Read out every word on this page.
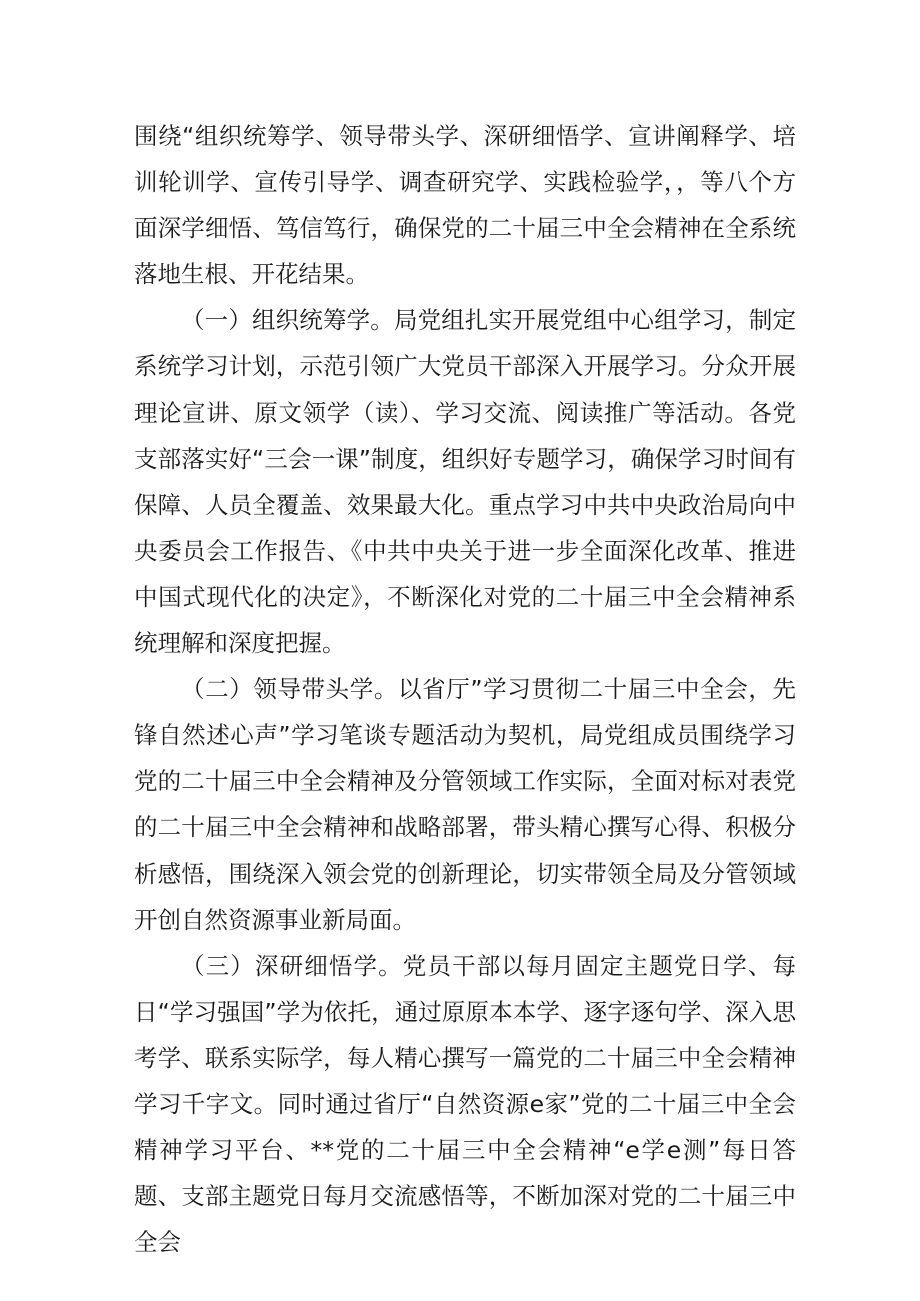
围绕“组织统筹学、领导带头学、深研细悟学、宣讲阐释学、培训轮训学、宣传引导学、调查研究学、实践检验学，，等八个方面深学细悟、笃信笃行，确保党的二十届三中全会精神在全系统落地生根、开花结果。

（一）组织统筹学。局党组扎实开展党组中心组学习，制定系统学习计划，示范引领广大党员干部深入开展学习。分众开展理论宣讲、原文领学（读）、学习交流、阅读推广等活动。各党支部落实好“三会一课”制度，组织好专题学习，确保学习时间有保障、人员全覆盖、效果最大化。重点学习中共中央政治局向中央委员会工作报告、《中共中央关于进一步全面深化改革、推进中国式现代化的决定》，不断深化对党的二十届三中全会精神系统理解和深度把握。

（二）领导带头学。以省厅”学习贯彻二十届三中全会，先锋自然述心声”学习笔谈专题活动为契机，局党组成员围绕学习党的二十届三中全会精神及分管领域工作实际，全面对标对表党的二十届三中全会精神和战略部署，带头精心撰写心得、积极分析感悟，围绕深入领会党的创新理论，切实带领全局及分管领域开创自然资源事业新局面。

（三）深研细悟学。党员干部以每月固定主题党日学、每日“学习强国”学为依托，通过原原本本学、逐字逐句学、深入思考学、联系实际学，每人精心撰写一篇党的二十届三中全会精神学习千字文。同时通过省厅“自然资源e家”党的二十届三中全会精神学习平台、**党的二十届三中全会精神“e学e测”每日答题、支部主题党日每月交流感悟等，不断加深对党的二十届三中全会
